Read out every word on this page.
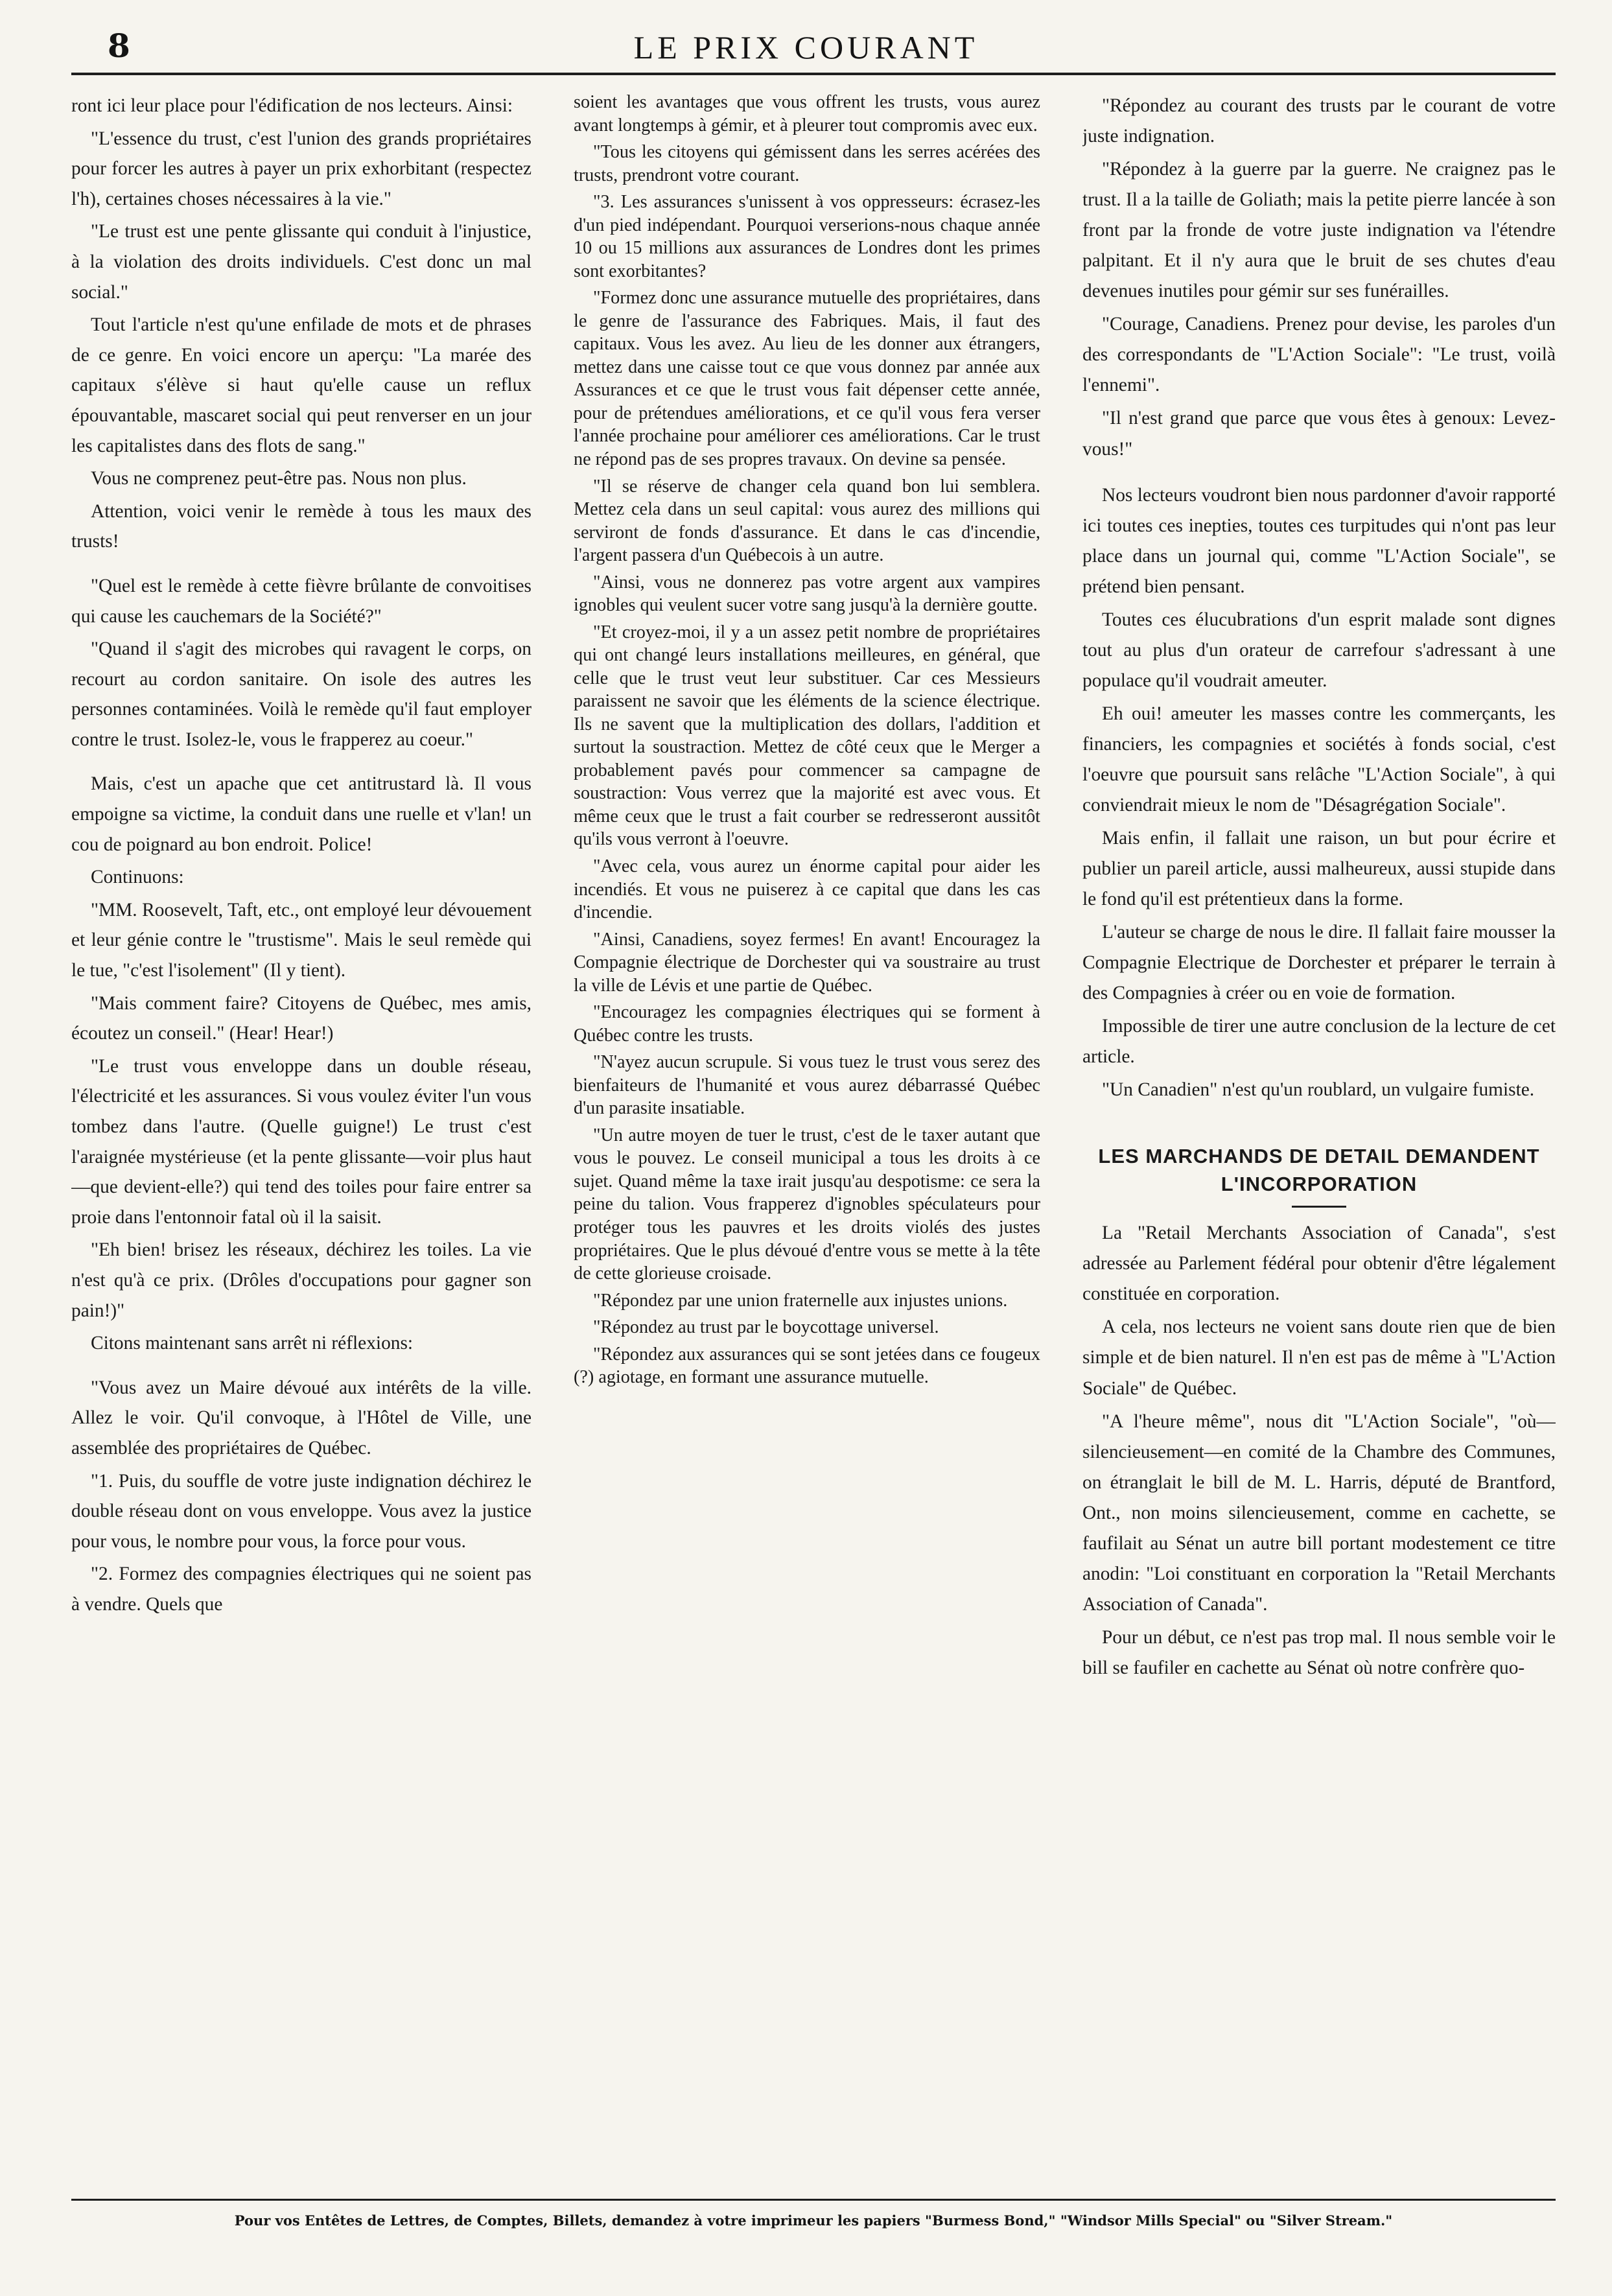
8	LE PRIX COURANT

ront ici leur place pour l'édification de nos lecteurs. Ainsi:

"L'essence du trust, c'est l'union des grands propriétaires pour forcer les autres à payer un prix exhorbitant (respectez l'h), certaines choses nécessaires à la vie."

"Le trust est une pente glissante qui conduit à l'injustice, à la violation des droits individuels. C'est donc un mal social."

Tout l'article n'est qu'une enfilade de mots et de phrases de ce genre. En voici encore un aperçu: "La marée des capitaux s'élève si haut qu'elle cause un reflux épouvantable, mascaret social qui peut renverser en un jour les capitalistes dans des flots de sang."

Vous ne comprenez peut-être pas. Nous non plus.

Attention, voici venir le remède à tous les maux des trusts!

"Quel est le remède à cette fièvre brûlante de convoitises qui cause les cauchemars de la Société?"

"Quand il s'agit des microbes qui ravagent le corps, on recourt au cordon sanitaire. On isole des autres les personnes contaminées. Voilà le remède qu'il faut employer contre le trust. Isolez-le, vous le frapperez au coeur."

Mais, c'est un apache que cet antitrustard là. Il vous empoigne sa victime, la conduit dans une ruelle et v'lan! un cou de poignard au bon endroit. Police!

Continuons:

"MM. Roosevelt, Taft, etc., ont employé leur dévouement et leur génie contre le "trustisme". Mais le seul remède qui le tue, "c'est l'isolement" (Il y tient).

"Mais comment faire? Citoyens de Québec, mes amis, écoutez un conseil." (Hear! Hear!)

"Le trust vous enveloppe dans un double réseau, l'électricité et les assurances. Si vous voulez éviter l'un vous tombez dans l'autre. (Quelle guigne!) Le trust c'est l'araignée mystérieuse (et la pente glissante—voir plus haut—que devient-elle?) qui tend des toiles pour faire entrer sa proie dans l'entonnoir fatal où il la saisit.

"Eh bien! brisez les réseaux, déchirez les toiles. La vie n'est qu'à ce prix. (Drôles d'occupations pour gagner son pain!)"

Citons maintenant sans arrêt ni réflexions:

"Vous avez un Maire dévoué aux intérêts de la ville. Allez le voir. Qu'il convoque, à l'Hôtel de Ville, une assemblée des propriétaires de Québec.

"1. Puis, du souffle de votre juste indignation déchirez le double réseau dont on vous enveloppe. Vous avez la justice pour vous, le nombre pour vous, la force pour vous.

"2. Formez des compagnies électriques qui ne soient pas à vendre. Quels que

soient les avantages que vous offrent les trusts, vous aurez avant longtemps à gémir, et à pleurer tout compromis avec eux.

"Tous les citoyens qui gémissent dans les serres acérées des trusts, prendront votre courant.

"3. Les assurances s'unissent à vos oppresseurs: écrasez-les d'un pied indépendant. Pourquoi verserions-nous chaque année 10 ou 15 millions aux assurances de Londres dont les primes sont exorbitantes?

"Formez donc une assurance mutuelle des propriétaires, dans le genre de l'assurance des Fabriques. Mais, il faut des capitaux. Vous les avez. Au lieu de les donner aux étrangers, mettez dans une caisse tout ce que vous donnez par année aux Assurances et ce que le trust vous fait dépenser cette année, pour de prétendues améliorations, et ce qu'il vous fera verser l'année prochaine pour améliorer ces améliorations. Car le trust ne répond pas de ses propres travaux. On devine sa pensée.

"Il se réserve de changer cela quand bon lui semblera. Mettez cela dans un seul capital: vous aurez des millions qui serviront de fonds d'assurance. Et dans le cas d'incendie, l'argent passera d'un Québecois à un autre.

"Ainsi, vous ne donnerez pas votre argent aux vampires ignobles qui veulent sucer votre sang jusqu'à la dernière goutte.

"Et croyez-moi, il y a un assez petit nombre de propriétaires qui ont changé leurs installations meilleures, en général, que celle que le trust veut leur substituer. Car ces Messieurs paraissent ne savoir que les éléments de la science électrique. Ils ne savent que la multiplication des dollars, l'addition et surtout la soustraction. Mettez de côté ceux que le Merger a probablement pavés pour commencer sa campagne de soustraction: Vous verrez que la majorité est avec vous. Et même ceux que le trust a fait courber se redresseront aussitôt qu'ils vous verront à l'oeuvre.

"Avec cela, vous aurez un énorme capital pour aider les incendiés. Et vous ne puiserez à ce capital que dans les cas d'incendie.

"Ainsi, Canadiens, soyez fermes! En avant! Encouragez la Compagnie électrique de Dorchester qui va soustraire au trust la ville de Lévis et une partie de Québec.

"Encouragez les compagnies électriques qui se forment à Québec contre les trusts.

"N'ayez aucun scrupule. Si vous tuez le trust vous serez des bienfaiteurs de l'humanité et vous aurez débarrassé Québec d'un parasite insatiable.

"Un autre moyen de tuer le trust, c'est de le taxer autant que vous le pouvez. Le conseil municipal a tous les droits à ce sujet. Quand même la taxe irait jusqu'au despotisme: ce sera la peine du talion. Vous frapperez d'ignobles spéculateurs pour protéger tous les pauvres et les droits violés des justes propriétaires. Que le plus dévoué d'entre vous se mette à la tête de cette glorieuse croisade.

"Répondez par une union fraternelle aux injustes unions.

"Répondez au trust par le boycottage universel.

"Répondez aux assurances qui se sont jetées dans ce fougeux (?) agiotage, en formant une assurance mutuelle.

"Répondez au courant des trusts par le courant de votre juste indignation.

"Répondez à la guerre par la guerre. Ne craignez pas le trust. Il a la taille de Goliath; mais la petite pierre lancée à son front par la fronde de votre juste indignation va l'étendre palpitant. Et il n'y aura que le bruit de ses chutes d'eau devenues inutiles pour gémir sur ses funérailles.

"Courage, Canadiens. Prenez pour devise, les paroles d'un des correspondants de "L'Action Sociale": "Le trust, voilà l'ennemi".

"Il n'est grand que parce que vous êtes à genoux: Levez-vous!"

Nos lecteurs voudront bien nous pardonner d'avoir rapporté ici toutes ces inepties, toutes ces turpitudes qui n'ont pas leur place dans un journal qui, comme "L'Action Sociale", se prétend bien pensant.

Toutes ces élucubrations d'un esprit malade sont dignes tout au plus d'un orateur de carrefour s'adressant à une populace qu'il voudrait ameuter.

Eh oui! ameuter les masses contre les commerçants, les financiers, les compagnies et sociétés à fonds social, c'est l'oeuvre que poursuit sans relâche "L'Action Sociale", à qui conviendrait mieux le nom de "Désagrégation Sociale".

Mais enfin, il fallait une raison, un but pour écrire et publier un pareil article, aussi malheureux, aussi stupide dans le fond qu'il est prétentieux dans la forme.

L'auteur se charge de nous le dire. Il fallait faire mousser la Compagnie Electrique de Dorchester et préparer le terrain à des Compagnies à créer ou en voie de formation.

Impossible de tirer une autre conclusion de la lecture de cet article.

"Un Canadien" n'est qu'un roublard, un vulgaire fumiste.

LES MARCHANDS DE DETAIL DEMANDENT L'INCORPORATION

La "Retail Merchants Association of Canada", s'est adressée au Parlement fédéral pour obtenir d'être légalement constituée en corporation.

A cela, nos lecteurs ne voient sans doute rien que de bien simple et de bien naturel. Il n'en est pas de même à "L'Action Sociale" de Québec.

"A l'heure même", nous dit "L'Action Sociale", "où—silencieusement—en comité de la Chambre des Communes, on étranglait le bill de M. L. Harris, député de Brantford, Ont., non moins silencieusement, comme en cachette, se faufilait au Sénat un autre bill portant modestement ce titre anodin: "Loi constituant en corporation la "Retail Merchants Association of Canada".

Pour un début, ce n'est pas trop mal. Il nous semble voir le bill se faufiler en cachette au Sénat où notre confrère quo-

Pour vos Entêtes de Lettres, de Comptes, Billets, demandez à votre imprimeur les papiers "Burmess Bond," "Windsor Mills Special" ou "Silver Stream."
